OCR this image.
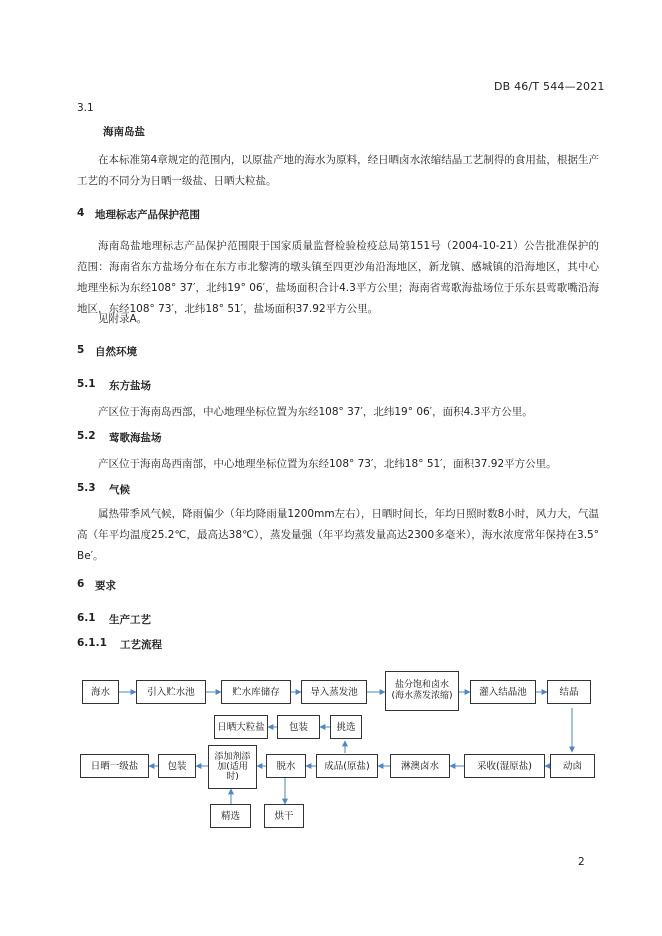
DB 46/T 544—2021
3.1
海南岛盐
在本标准第4章规定的范围内，以原盐产地的海水为原料，经日晒卤水浓缩结晶工艺制得的食用盐，根据生产工艺的不同分为日晒一级盐、日晒大粒盐。
4 地理标志产品保护范围
海南岛盐地理标志产品保护范围限于国家质量监督检验检疫总局第151号（2004-10-21）公告批准保护的范围：海南省东方盐场分布在东方市北黎湾的墩头镇至四更沙角沿海地区，新龙镇、感城镇的沿海地区，其中心地理坐标为东经108° 37′，北纬19° 06′，盐场面积合计4.3平方公里；海南省莺歌海盐场位于乐东县莺歌嘴沿海地区，东经108° 73′，北纬18° 51′，盐场面积37.92平方公里。
见附录A。
5 自然环境
5.1 东方盐场
产区位于海南岛西部，中心地理坐标位置为东经108° 37′，北纬19° 06′，面积4.3平方公里。
5.2 莺歌海盐场
产区位于海南岛西南部，中心地理坐标位置为东经108° 73′，北纬18° 51′，面积37.92平方公里。
5.3 气候
属热带季风气候，降雨偏少（年均降雨量1200mm左右），日晒时间长，年均日照时数8小时，风力大，气温高（年平均温度25.2℃，最高达38℃），蒸发量强（年平均蒸发量高达2300多毫米），海水浓度常年保持在3.5° Be′。
6 要求
6.1 生产工艺
6.1.1 工艺流程
海水	引入贮水池	贮水库储存	导入蒸发池
盐分饱和卤水(海水蒸发浓缩)	灌入结晶池	结晶
日晒大粒盐	包装	挑选
日晒一级盐	包装
添加剂添加(适用时)
脱水	成品(原盐)	淋澳卤水	采收(湿原盐)	动卤
精选	烘干
2
